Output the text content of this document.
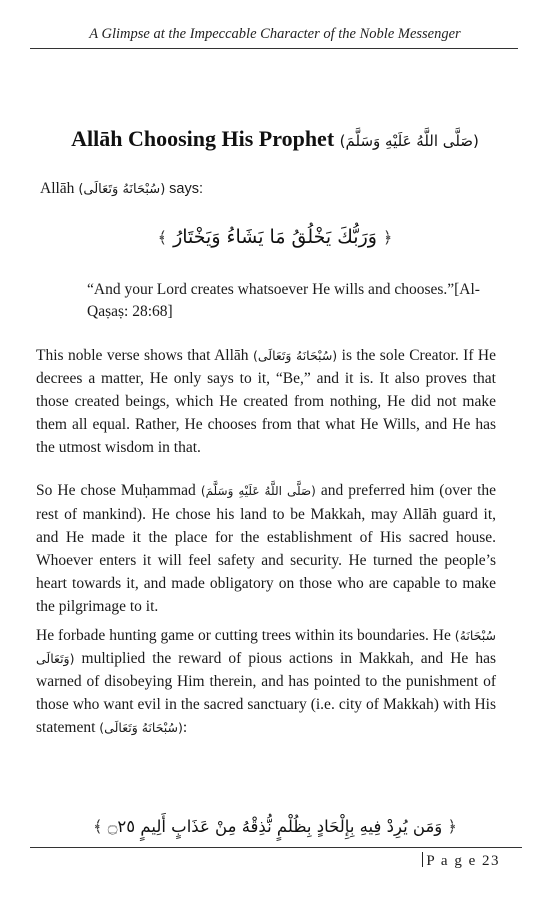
A Glimpse at the Impeccable Character of the Noble Messenger
Allāh Choosing His Prophet (صَلَّى اللَّهُ عَلَيْهِ وَسَلَّمَ)
Allāh (سُبْحَانَهُ وَتَعَالَى) says:
﴿ وَرَبُّكَ يَخْلُقُ مَا يَشَاءُ وَيَخْتَارُ ﴾
“And your Lord creates whatsoever He wills and chooses.”[Al-Qaṣaṣ: 28:68]

This noble verse shows that Allāh (سُبْحَانَهُ وَتَعَالَى) is the sole Creator. If He decrees a matter, He only says to it, “Be,” and it is. It also proves that those created beings, which He created from nothing, He did not make them all equal. Rather, He chooses from that what He Wills, and He has the utmost wisdom in that.

So He chose Muḥammad (صَلَّى اللَّهُ عَلَيْهِ وَسَلَّمَ) and preferred him (over the rest of mankind). He chose his land to be Makkah, may Allāh guard it, and He made it the place for the establishment of His sacred house. Whoever enters it will feel safety and security. He turned the people’s heart towards it, and made obligatory on those who are capable to make the pilgrimage to it.

He forbade hunting game or cutting trees within its boundaries. He (سُبْحَانَهُ وَتَعَالَى) multiplied the reward of pious actions in Makkah, and He has warned of disobeying Him therein, and has pointed to the punishment of those who want evil in the sacred sanctuary (i.e. city of Makkah) with His statement (سُبْحَانَهُ وَتَعَالَى):

﴿ وَمَن يُرِدْ فِيهِ بِإِلْحَادٍ بِظُلْمٍ نُّذِقْهُ مِنْ عَذَابٍ أَلِيمٍ ۝٢٥ ﴾
P a g e 23
